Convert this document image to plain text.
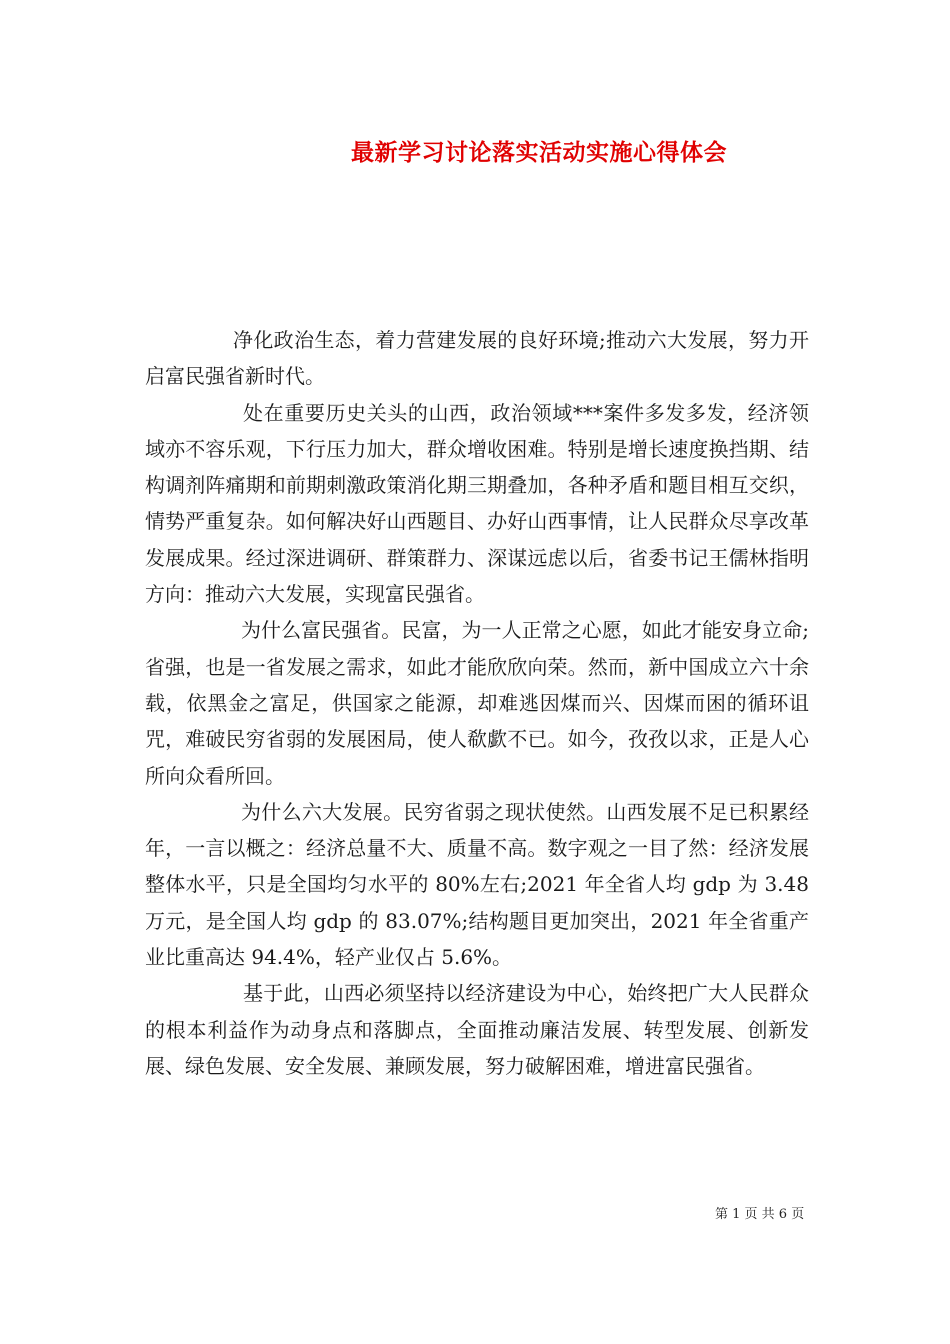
最新学习讨论落实活动实施心得体会

净化政治生态，着力营建发展的良好环境;推动六大发展，努力开启富民强省新时代。

处在重要历史关头的山西，政治领域***案件多发多发，经济领域亦不容乐观，下行压力加大，群众增收困难。特别是增长速度换挡期、结构调剂阵痛期和前期刺激政策消化期三期叠加，各种矛盾和题目相互交织，情势严重复杂。如何解决好山西题目、办好山西事情，让人民群众尽享改革发展成果。经过深进调研、群策群力、深谋远虑以后，省委书记王儒林指明方向：推动六大发展，实现富民强省。

为什么富民强省。民富，为一人正常之心愿，如此才能安身立命;省强，也是一省发展之需求，如此才能欣欣向荣。然而，新中国成立六十余载，依黑金之富足，供国家之能源，却难逃因煤而兴、因煤而困的循环诅咒，难破民穷省弱的发展困局，使人欷歔不已。如今，孜孜以求，正是人心所向众看所回。

为什么六大发展。民穷省弱之现状使然。山西发展不足已积累经年，一言以概之：经济总量不大、质量不高。数字观之一目了然：经济发展整体水平，只是全国均匀水平的 80%左右;2021 年全省人均 gdp 为 3.48 万元，是全国人均 gdp 的 83.07%;结构题目更加突出，2021 年全省重产业比重高达 94.4%，轻产业仅占 5.6%。

基于此，山西必须坚持以经济建设为中心，始终把广大人民群众的根本利益作为动身点和落脚点，全面推动廉洁发展、转型发展、创新发展、绿色发展、安全发展、兼顾发展，努力破解困难，增进富民强省。

第 1 页 共 6 页
